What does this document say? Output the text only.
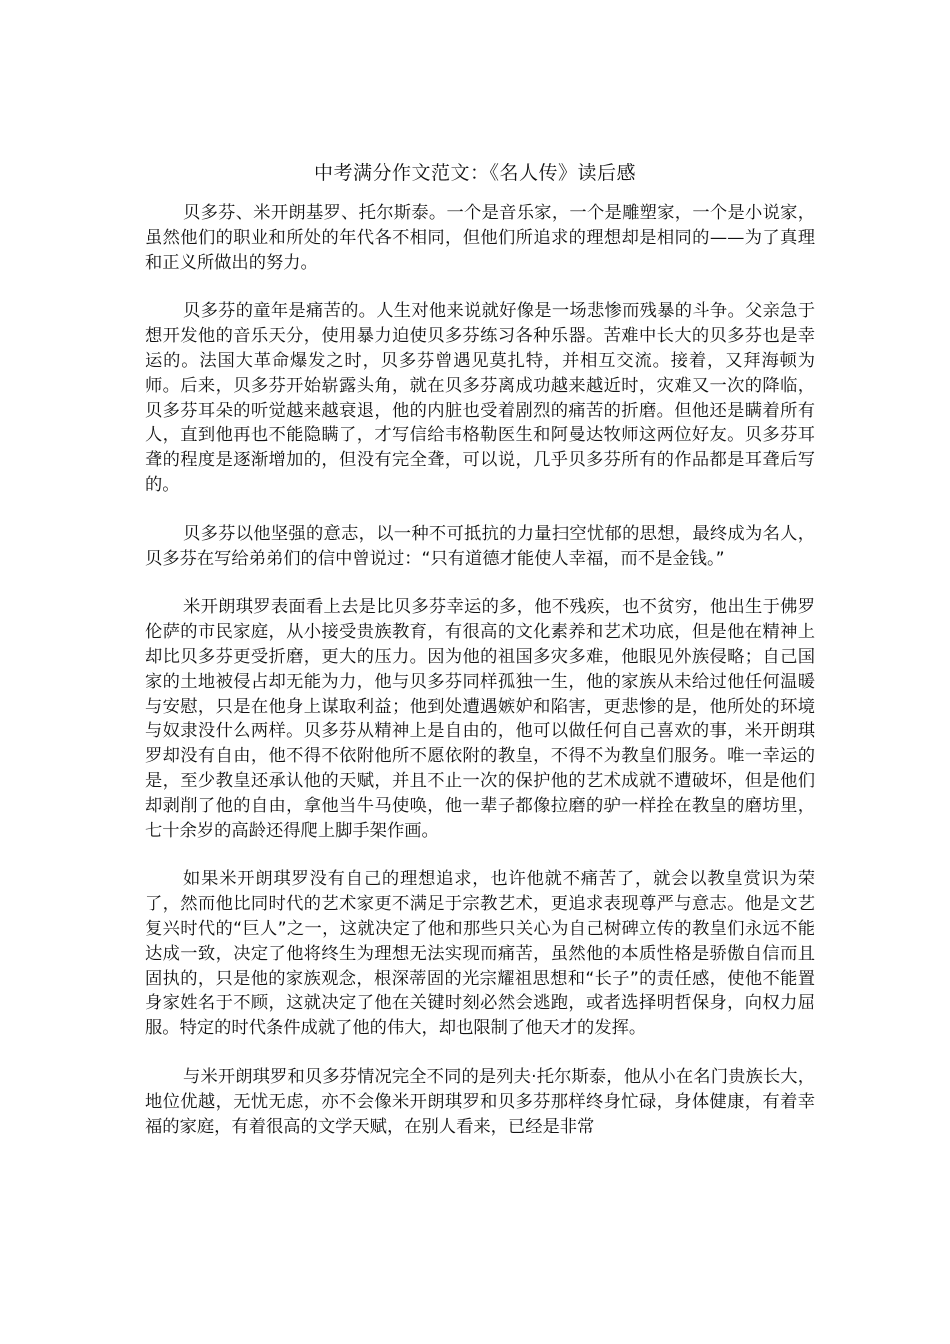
中考满分作文范文：《名人传》读后感

贝多芬、米开朗基罗、托尔斯泰。一个是音乐家，一个是雕塑家，一个是小说家，虽然他们的职业和所处的年代各不相同，但他们所追求的理想却是相同的——为了真理和正义所做出的努力。

贝多芬的童年是痛苦的。人生对他来说就好像是一场悲惨而残暴的斗争。父亲急于想开发他的音乐天分，使用暴力迫使贝多芬练习各种乐器。苦难中长大的贝多芬也是幸运的。法国大革命爆发之时，贝多芬曾遇见莫扎特，并相互交流。接着，又拜海顿为师。后来，贝多芬开始崭露头角，就在贝多芬离成功越来越近时，灾难又一次的降临，贝多芬耳朵的听觉越来越衰退，他的内脏也受着剧烈的痛苦的折磨。但他还是瞒着所有人，直到他再也不能隐瞒了，才写信给韦格勒医生和阿曼达牧师这两位好友。贝多芬耳聋的程度是逐渐增加的，但没有完全聋，可以说，几乎贝多芬所有的作品都是耳聋后写的。

贝多芬以他坚强的意志，以一种不可抵抗的力量扫空忧郁的思想，最终成为名人，贝多芬在写给弟弟们的信中曾说过：“只有道德才能使人幸福，而不是金钱。”

米开朗琪罗表面看上去是比贝多芬幸运的多，他不残疾，也不贫穷，他出生于佛罗伦萨的市民家庭，从小接受贵族教育，有很高的文化素养和艺术功底，但是他在精神上却比贝多芬更受折磨，更大的压力。因为他的祖国多灾多难，他眼见外族侵略；自己国家的土地被侵占却无能为力，他与贝多芬同样孤独一生，他的家族从未给过他任何温暖与安慰，只是在他身上谋取利益；他到处遭遇嫉妒和陷害，更悲惨的是，他所处的环境与奴隶没什么两样。贝多芬从精神上是自由的，他可以做任何自己喜欢的事，米开朗琪罗却没有自由，他不得不依附他所不愿依附的教皇，不得不为教皇们服务。唯一幸运的是，至少教皇还承认他的天赋，并且不止一次的保护他的艺术成就不遭破坏，但是他们却剥削了他的自由，拿他当牛马使唤，他一辈子都像拉磨的驴一样拴在教皇的磨坊里，七十余岁的高龄还得爬上脚手架作画。

如果米开朗琪罗没有自己的理想追求，也许他就不痛苦了，就会以教皇赏识为荣了，然而他比同时代的艺术家更不满足于宗教艺术，更追求表现尊严与意志。他是文艺复兴时代的“巨人”之一，这就决定了他和那些只关心为自己树碑立传的教皇们永远不能达成一致，决定了他将终生为理想无法实现而痛苦，虽然他的本质性格是骄傲自信而且固执的，只是他的家族观念，根深蒂固的光宗耀祖思想和“长子”的责任感，使他不能置身家姓名于不顾，这就决定了他在关键时刻必然会逃跑，或者选择明哲保身，向权力屈服。特定的时代条件成就了他的伟大，却也限制了他天才的发挥。

与米开朗琪罗和贝多芬情况完全不同的是列夫·托尔斯泰，他从小在名门贵族长大，地位优越，无忧无虑，亦不会像米开朗琪罗和贝多芬那样终身忙碌，身体健康，有着幸福的家庭，有着很高的文学天赋，在别人看来，已经是非常
